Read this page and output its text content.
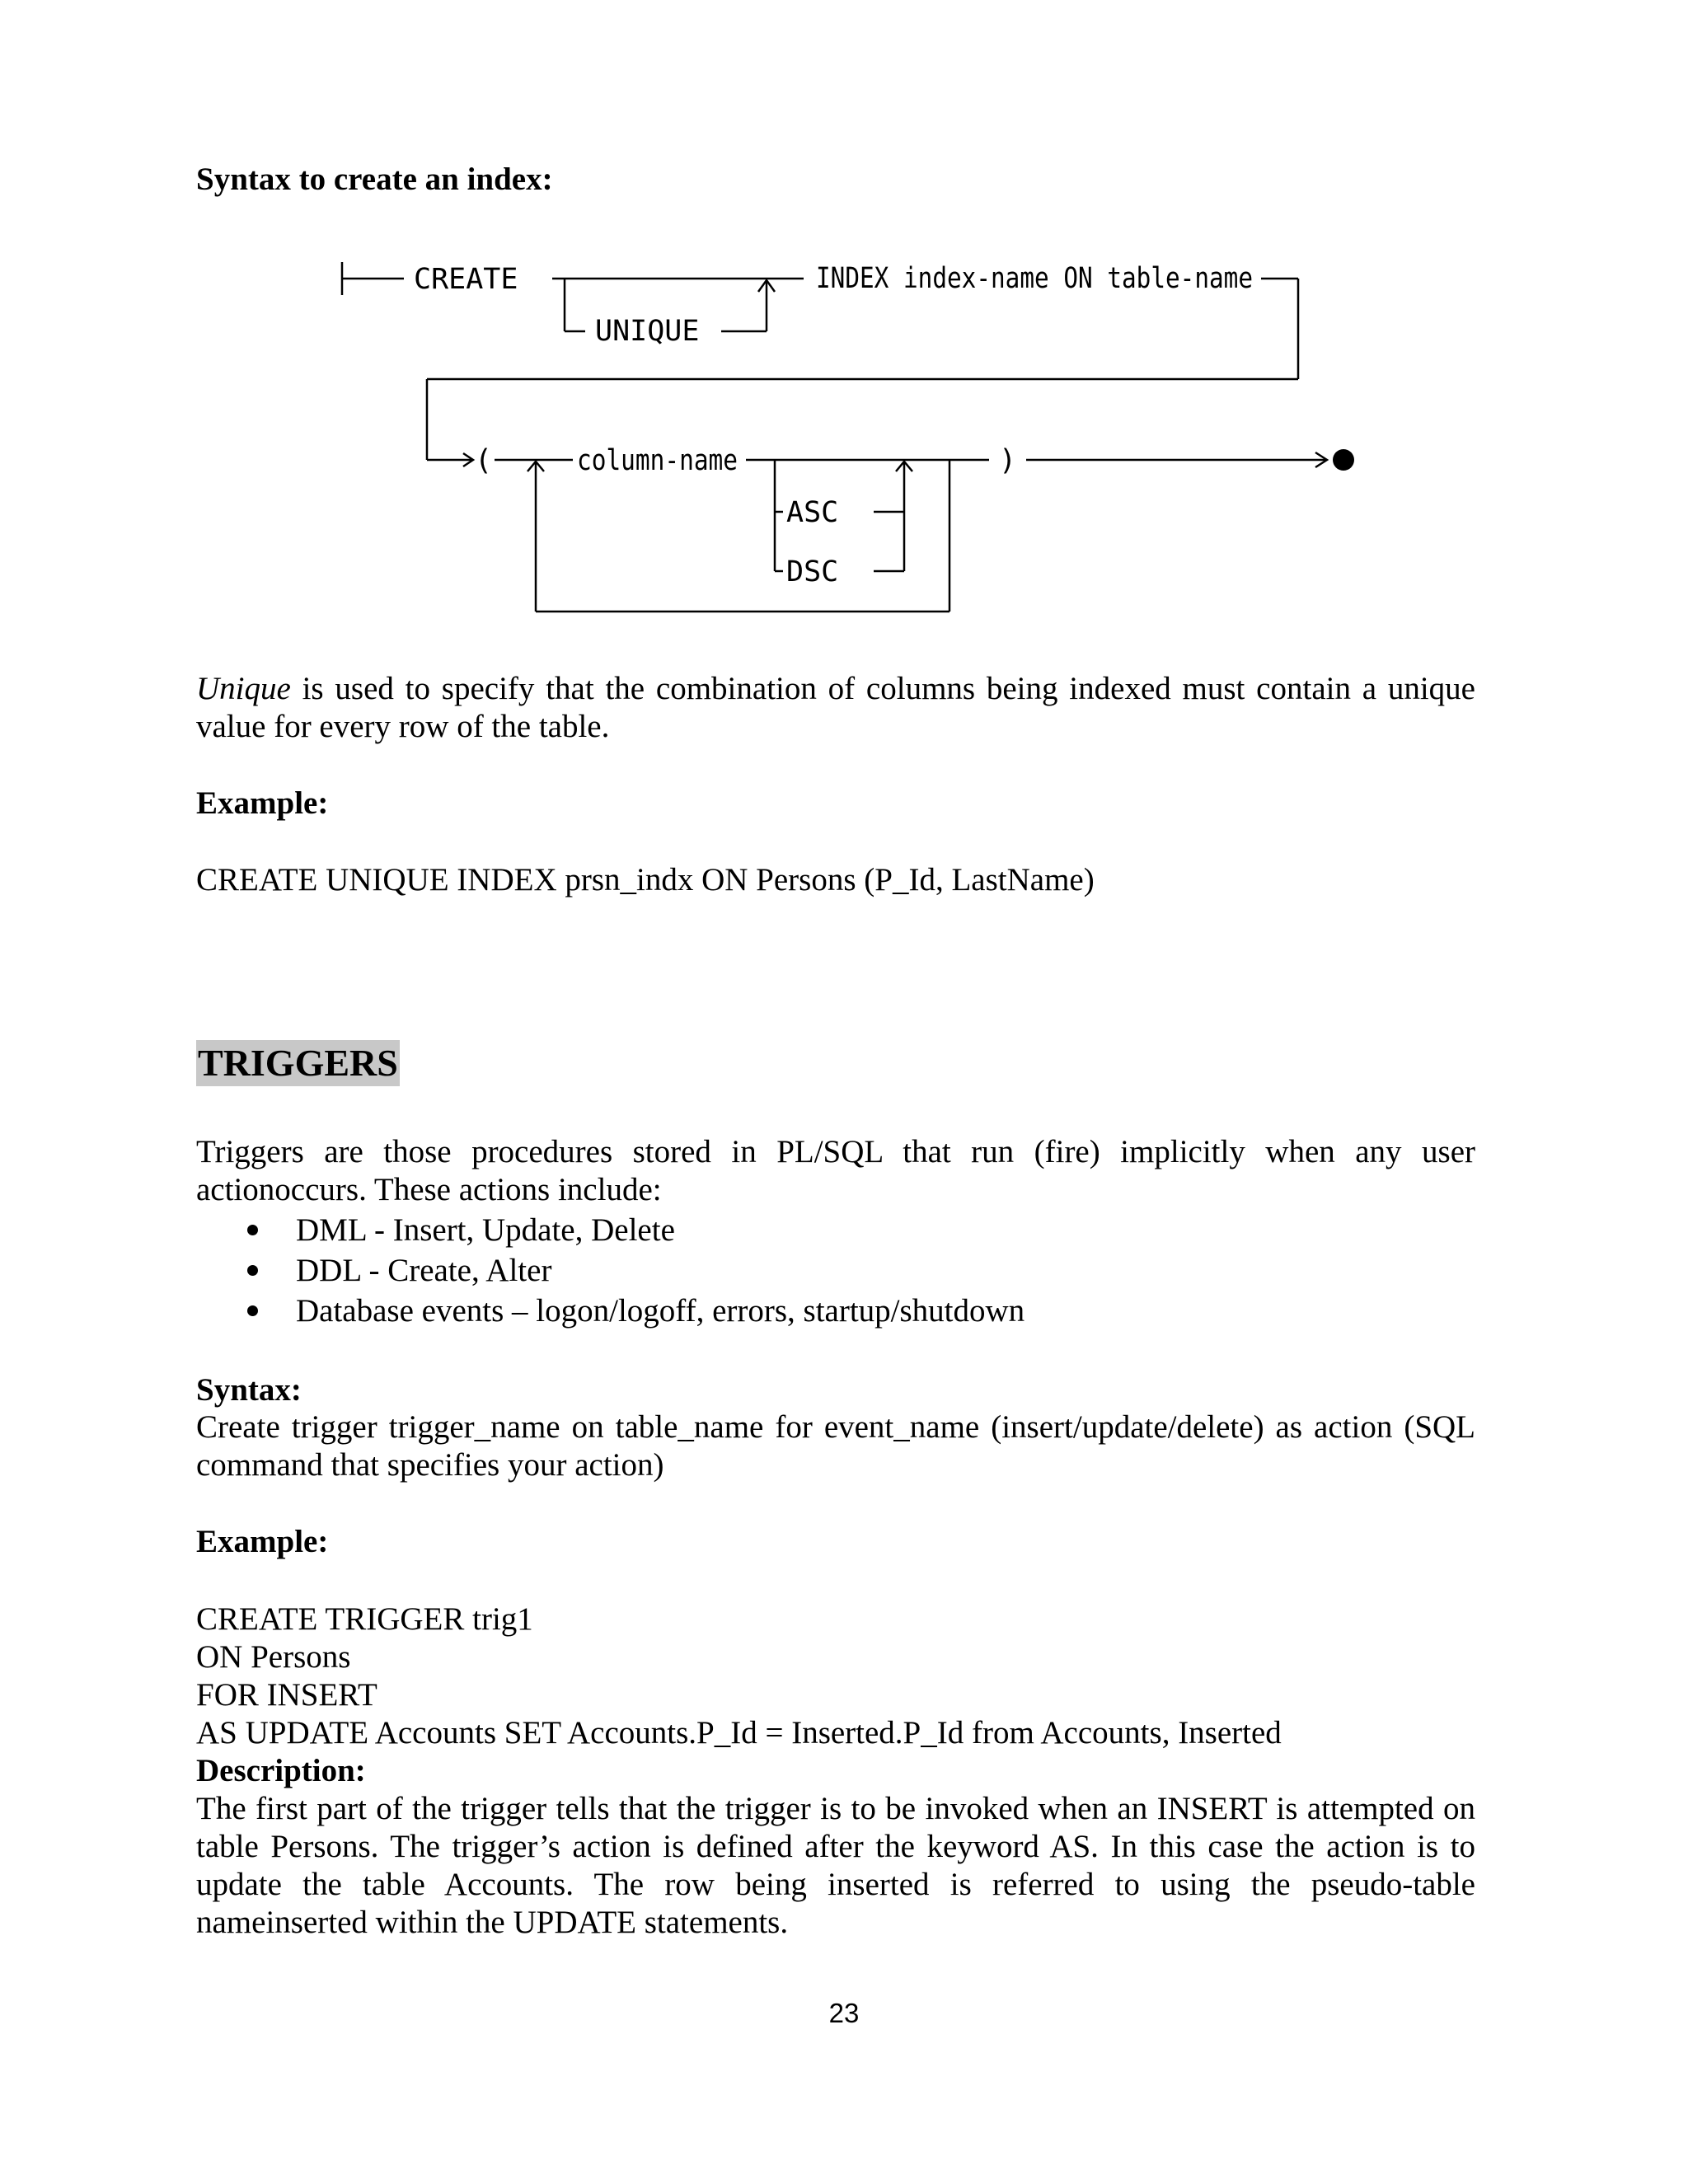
Syntax to create an index:

CREATE
UNIQUE
INDEX index-name ON table-name
(	column-name
ASC
DSC
)

Unique is used to specify that the combination of columns being indexed must contain a unique value for every row of the table.

Example:

CREATE UNIQUE INDEX prsn_indx ON Persons (P_Id, LastName)

TRIGGERS

Triggers are those procedures stored in PL/SQL that run (fire) implicitly when any user actionoccurs. These actions include:

DML - Insert, Update, Delete
DDL - Create, Alter
Database events – logon/logoff, errors, startup/shutdown

Syntax:

Create trigger trigger_name on table_name for event_name (insert/update/delete) as action (SQL command that specifies your action)

Example:

CREATE TRIGGER trig1
ON Persons
FOR INSERT
AS UPDATE Accounts SET Accounts.P_Id = Inserted.P_Id from Accounts, Inserted

Description:

The first part of the trigger tells that the trigger is to be invoked when an INSERT is attempted on table Persons. The trigger’s action is defined after the keyword AS. In this case the action is to update the table Accounts. The row being inserted is referred to using the pseudo-table nameinserted within the UPDATE statements.

23
